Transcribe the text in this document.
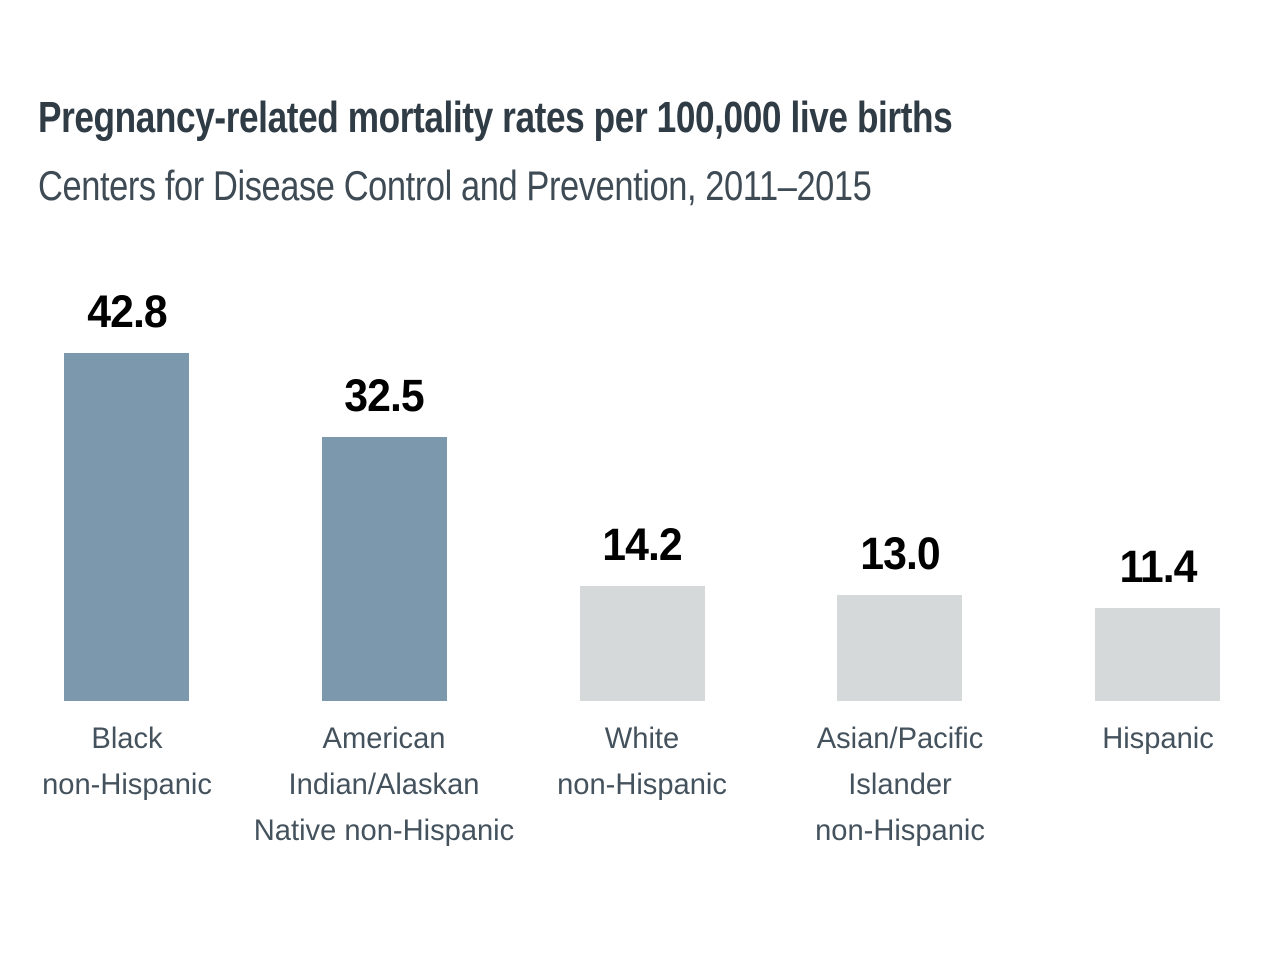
Pregnancy-related mortality rates per 100,000 live births
Centers for Disease Control and Prevention, 2011–2015
42.8
Black
non-Hispanic
32.5
American
Indian/Alaskan
Native non-Hispanic
14.2
White
non-Hispanic
13.0
Asian/Pacific
Islander
non-Hispanic
11.4
Hispanic
